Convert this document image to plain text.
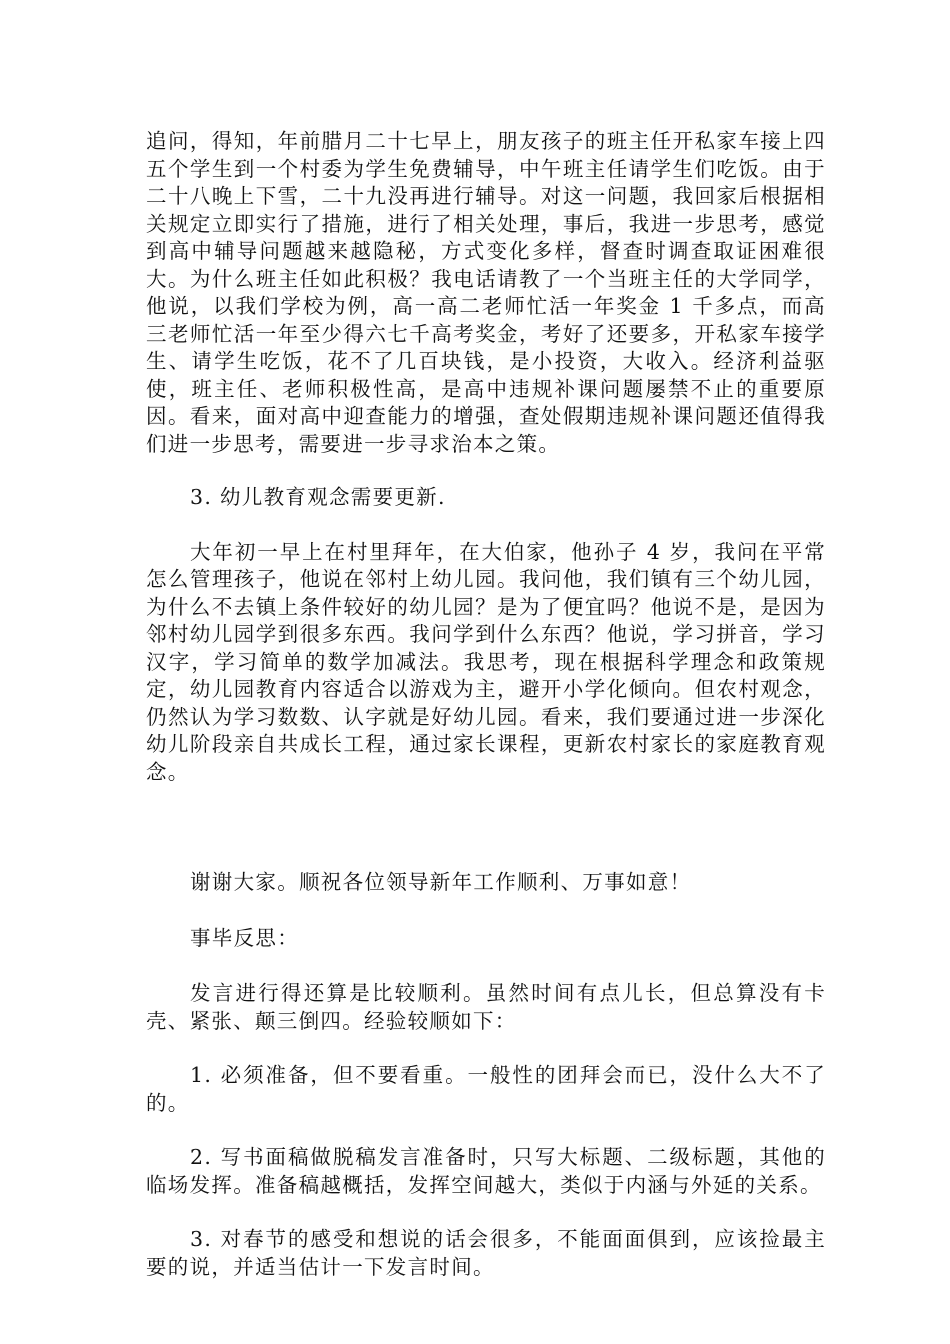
追问，得知，年前腊月二十七早上，朋友孩子的班主任开私家车接上四五个学生到一个村委为学生免费辅导，中午班主任请学生们吃饭。由于二十八晚上下雪，二十九没再进行辅导。对这一问题，我回家后根据相关规定立即实行了措施，进行了相关处理，事后，我进一步思考，感觉到高中辅导问题越来越隐秘，方式变化多样，督查时调查取证困难很大。为什么班主任如此积极？我电话请教了一个当班主任的大学同学，他说，以我们学校为例，高一高二老师忙活一年奖金 1 千多点，而高三老师忙活一年至少得六七千高考奖金，考好了还要多，开私家车接学生、请学生吃饭，花不了几百块钱，是小投资，大收入。经济利益驱使，班主任、老师积极性高，是高中违规补课问题屡禁不止的重要原因。看来，面对高中迎查能力的增强，查处假期违规补课问题还值得我们进一步思考，需要进一步寻求治本之策。

3. 幼儿教育观念需要更新.

大年初一早上在村里拜年，在大伯家，他孙子 4 岁，我问在平常怎么管理孩子，他说在邻村上幼儿园。我问他，我们镇有三个幼儿园，为什么不去镇上条件较好的幼儿园？是为了便宜吗？他说不是，是因为邻村幼儿园学到很多东西。我问学到什么东西？他说，学习拼音，学习汉字，学习简单的数学加减法。我思考，现在根据科学理念和政策规定，幼儿园教育内容适合以游戏为主，避开小学化倾向。但农村观念，仍然认为学习数数、认字就是好幼儿园。看来，我们要通过进一步深化幼儿阶段亲自共成长工程，通过家长课程，更新农村家长的家庭教育观念。

谢谢大家。顺祝各位领导新年工作顺利、万事如意！

事毕反思：

发言进行得还算是比较顺利。虽然时间有点儿长，但总算没有卡壳、紧张、颠三倒四。经验较顺如下：

1. 必须准备，但不要看重。一般性的团拜会而已，没什么大不了的。

2. 写书面稿做脱稿发言准备时，只写大标题、二级标题，其他的临场发挥。准备稿越概括，发挥空间越大，类似于内涵与外延的关系。

3. 对春节的感受和想说的话会很多，不能面面俱到，应该捡最主要的说，并适当估计一下发言时间。
